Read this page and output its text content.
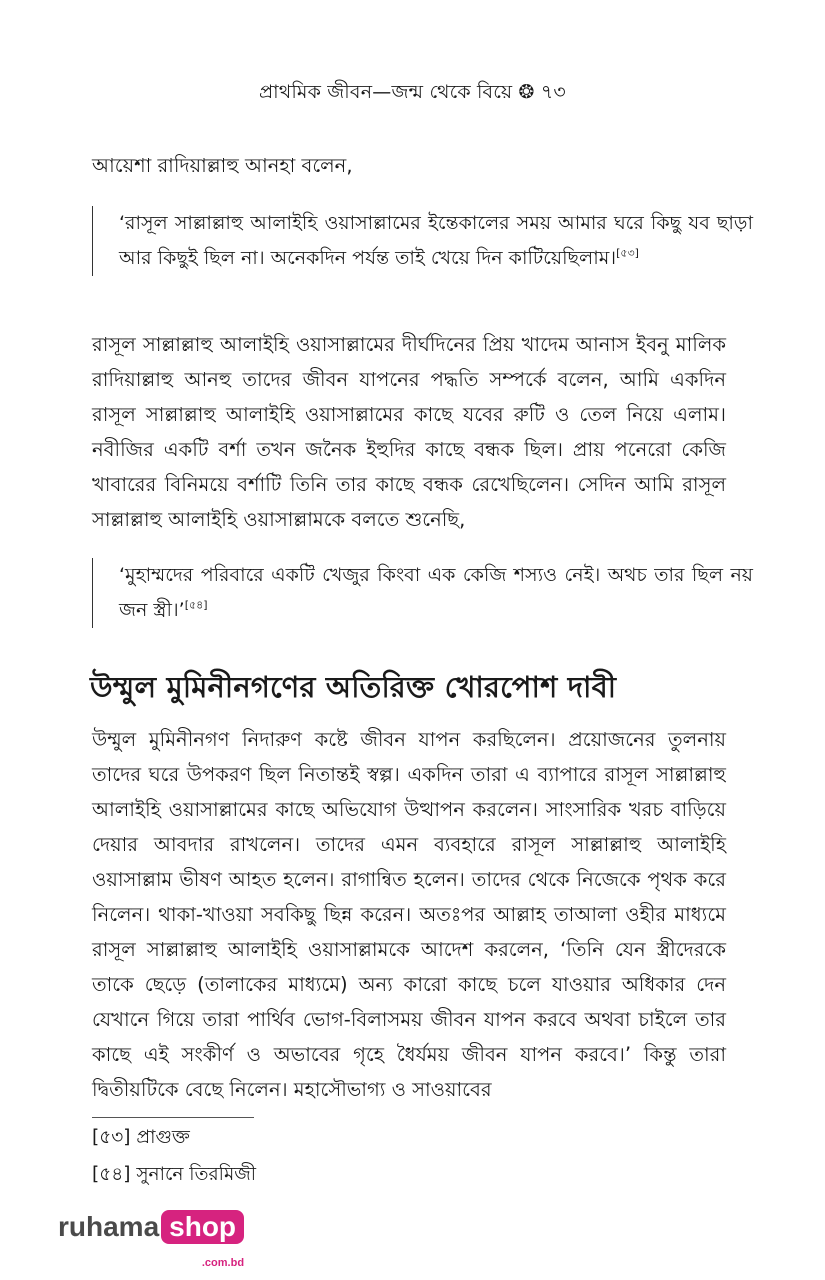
প্রাথমিক জীবন—জন্ম থেকে বিয়ে ❂ ৭৩

আয়েশা রাদিয়াল্লাহু আনহা বলেন,

‘রাসূল সাল্লাল্লাহু আলাইহি ওয়াসাল্লামের ইন্তেকালের সময় আমার ঘরে কিছু যব ছাড়া আর কিছুই ছিল না। অনেকদিন পর্যন্ত তাই খেয়ে দিন কাটিয়েছিলাম।[৫৩]

রাসূল সাল্লাল্লাহু আলাইহি ওয়াসাল্লামের দীর্ঘদিনের প্রিয় খাদেম আনাস ইবনু মালিক রাদিয়াল্লাহু আনহু তাদের জীবন যাপনের পদ্ধতি সম্পর্কে বলেন, আমি একদিন রাসূল সাল্লাল্লাহু আলাইহি ওয়াসাল্লামের কাছে যবের রুটি ও তেল নিয়ে এলাম। নবীজির একটি বর্শা তখন জনৈক ইহুদির কাছে বন্ধক ছিল। প্রায় পনেরো কেজি খাবারের বিনিময়ে বর্শাটি তিনি তার কাছে বন্ধক রেখেছিলেন। সেদিন আমি রাসূল সাল্লাল্লাহু আলাইহি ওয়াসাল্লামকে বলতে শুনেছি,

‘মুহাম্মদের পরিবারে একটি খেজুর কিংবা এক কেজি শস্যও নেই। অথচ তার ছিল নয় জন স্ত্রী।’[৫৪]

উম্মুল মুমিনীনগণের অতিরিক্ত খোরপোশ দাবী

উম্মুল মুমিনীনগণ নিদারুণ কষ্টে জীবন যাপন করছিলেন। প্রয়োজনের তুলনায় তাদের ঘরে উপকরণ ছিল নিতান্তই স্বল্প। একদিন তারা এ ব্যাপারে রাসূল সাল্লাল্লাহু আলাইহি ওয়াসাল্লামের কাছে অভিযোগ উত্থাপন করলেন। সাংসারিক খরচ বাড়িয়ে দেয়ার আবদার রাখলেন। তাদের এমন ব্যবহারে রাসূল সাল্লাল্লাহু আলাইহি ওয়াসাল্লাম ভীষণ আহত হলেন। রাগান্বিত হলেন। তাদের থেকে নিজেকে পৃথক করে নিলেন। থাকা-খাওয়া সবকিছু ছিন্ন করেন। অতঃপর আল্লাহ তাআলা ওহীর মাধ্যমে রাসূল সাল্লাল্লাহু আলাইহি ওয়াসাল্লামকে আদেশ করলেন, ‘তিনি যেন স্ত্রীদেরকে তাকে ছেড়ে (তালাকের মাধ্যমে) অন্য কারো কাছে চলে যাওয়ার অধিকার দেন যেখানে গিয়ে তারা পার্থিব ভোগ-বিলাসময় জীবন যাপন করবে অথবা চাইলে তার কাছে এই সংকীর্ণ ও অভাবের গৃহে ধৈর্যময় জীবন যাপন করবে।’ কিন্তু তারা দ্বিতীয়টিকে বেছে নিলেন। মহাসৌভাগ্য ও সাওয়াবের

[৫৩] প্রাগুক্ত

[৫৪] সুনানে তিরমিজী

ruhama shop
.com.bd
